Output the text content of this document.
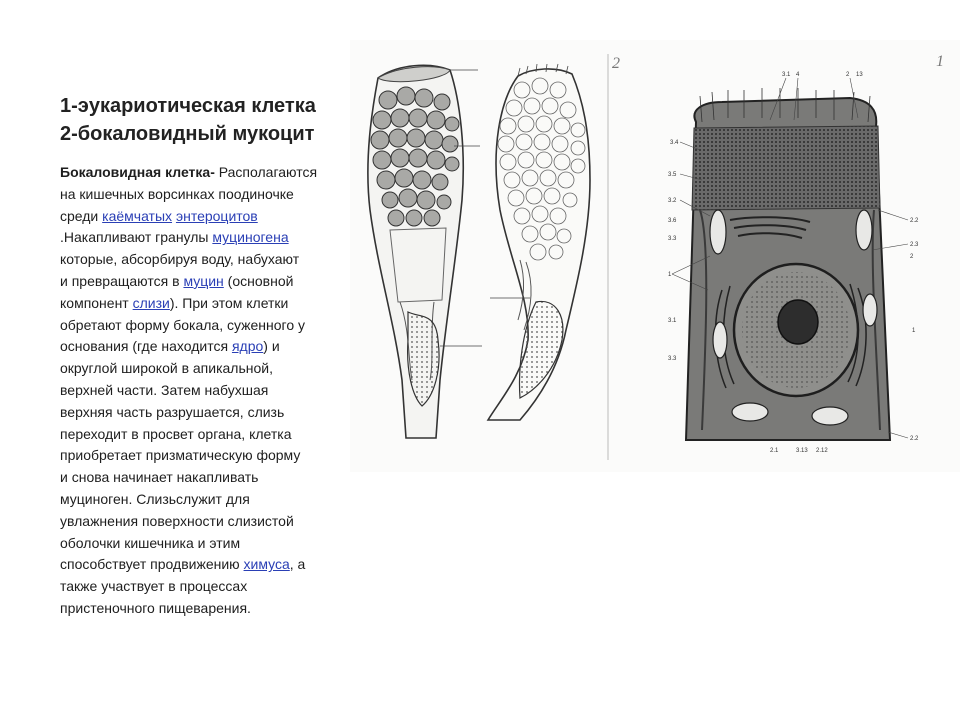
1-эукариотическая клетка
2-бокаловидный мукоцит
Бокаловидная клетка- Располагаются
на кишечных ворсинках поодиночке
среди каёмчатых энтероцитов
.Накапливают гранулы муциногена
которые, абсорбируя воду, набухают
и превращаются в муцин (основной
компонент слизи). При этом клетки
обретают форму бокала, суженного у
основания (где находится ядро) и
округлой широкой в апикальной,
верхней части. Затем набухшая
верхняя часть разрушается, слизь
переходит в просвет органа, клетка
приобретает призматическую форму
и снова начинает накапливать
муциноген. Слизьслужит для
увлажнения поверхности слизистой
оболочки кишечника и этим
способствует продвижению химуса, а
также участвует в процессах
пристеночного пищеварения.
2
3.1 4	2 13
3.4
3.5
3.2
3.6
3.3
1
2.2
2.3
2
3.1
3.3
2.1	3.13 2.12
2.2
1
1
